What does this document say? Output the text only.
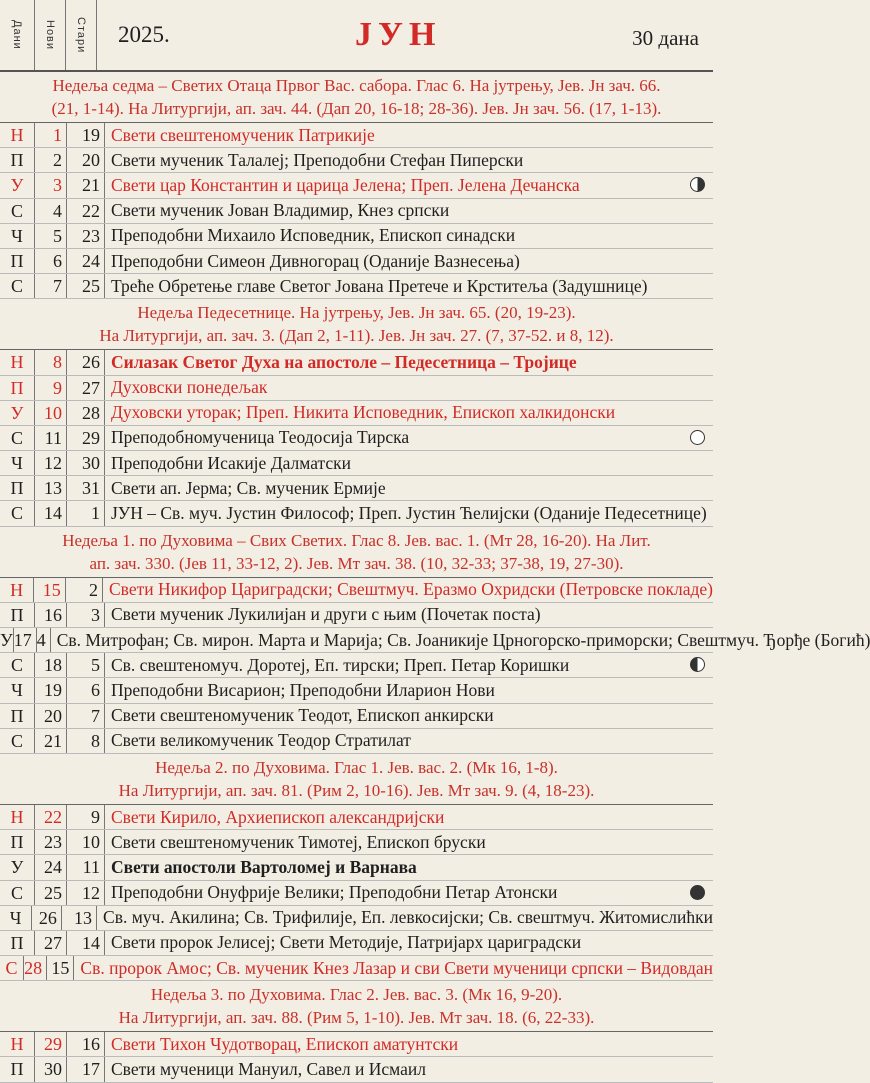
Дани Нови Стари 2025.	ЈУН	30 дана
Недеља седма – Светих Отаца Првог Вас. сабора. Глас 6. На јутрењу, Јев. Јн зач. 66.
(21, 1-14). На Литургији, ап. зач. 44. (Дап 20, 16-18; 28-36). Јев. Јн зач. 56. (17, 1-13).
Н	1	19 Свети свештеномученик Патрикије
П	2	20 Свети мученик Талалеј; Преподобни Стефан Пиперски
У	3	21 Свети цар Константин и царица Јелена; Преп. Јелена Дечанска
С	4	22 Свети мученик Јован Владимир, Кнез српски
Ч	5	23 Преподобни Михаило Исповедник, Епископ синадски
П	6	24 Преподобни Симеон Дивногорац (Оданије Вазнесења)
С	7	25 Треће Обретење главе Светог Јована Претече и Крститеља (Задушнице)
Недеља Педесетнице. На јутрењу, Јев. Јн зач. 65. (20, 19-23).
На Литургији, ап. зач. 3. (Дап 2, 1-11). Јев. Јн зач. 27. (7, 37-52. и 8, 12).
Н	8	26 Силазак Светог Духа на апостоле – Педесетница – Тројице
П	9	27 Духовски понедељак
У	10	28 Духовски уторак; Преп. Никита Исповедник, Епископ халкидонски
С	11	29 Преподобномученица Теодосија Тирска
Ч	12	30 Преподобни Исакије Далматски
П	13	31 Свети ап. Јерма; Св. мученик Ермије
С	14	1 ЈУН – Св. муч. Јустин Философ; Преп. Јустин Ћелијски (Оданије Педесетнице)
Недеља 1. по Духовима – Свих Светих. Глас 8. Јев. вас. 1. (Мт 28, 16-20). На Лит.
ап. зач. 330. (Јев 11, 33-12, 2). Јев. Мт зач. 38. (10, 32-33; 37-38, 19, 27-30).
Н	15	2 Свети Никифор Цариградски; Свештмуч. Еразмо Охридски (Петровске покладе)
П	16	3 Свети мученик Лукилијан и други с њим (Почетак поста)
У 17 4 Св. Митрофан; Св. мирон. Марта и Марија; Св. Јоаникије Црногорско-приморски; Свештмуч. Ђорђе (Богић)
С	18	5 Св. свештеномуч. Доротеј, Еп. тирски; Преп. Петар Коришки
Ч	19	6 Преподобни Висарион; Преподобни Иларион Нови
П	20	7 Свети свештеномученик Теодот, Епископ анкирски
С	21	8 Свети великомученик Теодор Стратилат
Недеља 2. по Духовима. Глас 1. Јев. вас. 2. (Мк 16, 1-8).
На Литургији, ап. зач. 81. (Рим 2, 10-16). Јев. Мт зач. 9. (4, 18-23).
Н	22	9 Свети Кирило, Архиепископ александријски
П	23	10 Свети свештеномученик Тимотеј, Епископ бруски
У	24	11 Свети апостоли Вартоломеј и Варнава
С	25	12 Преподобни Онуфрије Велики; Преподобни Петар Атонски
Ч 26 13 Св. муч. Акилина; Св. Трифилије, Еп. левкосијски; Св. свештмуч. Житомислићки
П	27	14 Свети пророк Јелисеј; Свети Методије, Патријарх цариградски
С 28 15 Св. пророк Амос; Св. мученик Кнез Лазар и сви Свети мученици српски – Видовдан
Недеља 3. по Духовима. Глас 2. Јев. вас. 3. (Мк 16, 9-20).
На Литургији, ап. зач. 88. (Рим 5, 1-10). Јев. Мт зач. 18. (6, 22-33).
Н	29	16 Свети Тихон Чудотворац, Епископ аматунтски
П	30	17 Свети мученици Мануил, Савел и Исмаил
